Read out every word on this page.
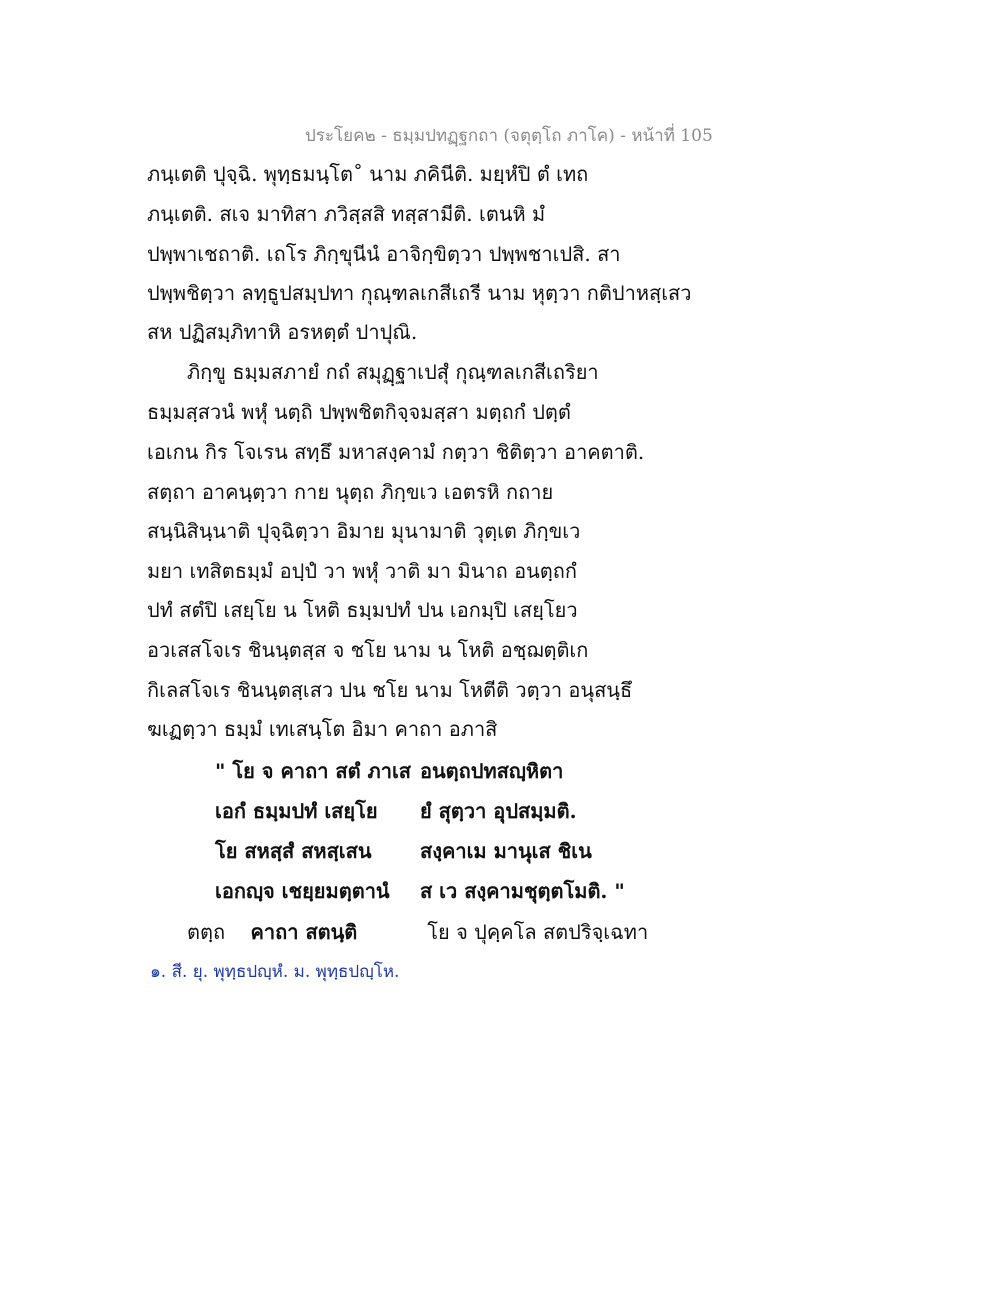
ประโยค๒ - ธมฺมปทฏฺฐกถา (จตุตฺโถ ภาโค) - หน้าที่ 105
ภนฺเตติ ปุจฺฉิ. พุทฺธมนฺโต˚ นาม ภคินีติ. มยฺหํปิ ตํ เทถ
ภนฺเตติ. สเจ มาทิสา ภวิสฺสสิ ทสฺสามีติ. เตนหิ มํ
ปพฺพาเชถาติ. เถโร ภิกฺขุนีนํ อาจิกฺขิตฺวา ปพฺพชาเปสิ. สา
ปพฺพชิตฺวา ลทฺธูปสมฺปทา กุณฺฑลเกสีเถรี นาม หุตฺวา กติปาหสฺเสว
สห ปฏิสมฺภิทาหิ อรหตฺตํ ปาปุณิ.
ภิกฺขู ธมฺมสภายํ กถํ สมุฏฺฐาเปสุํ กุณฺฑลเกสีเถริยา
ธมฺมสฺสวนํ พหุํ นตฺถิ ปพฺพชิตกิจฺจมสฺสา มตฺถกํ ปตฺตํ
เอเกน กิร โจเรน สทฺธึ มหาสงฺคามํ กตฺวา ชิติตฺวา อาคตาติ.
สตฺถา อาคนฺตฺวา กาย นุตฺถ ภิกฺขเว เอตรหิ กถาย
สนฺนิสินฺนาติ ปุจฺฉิตฺวา อิมาย มุนามาติ วุตฺเต ภิกฺขเว
มยา เทสิตธมฺมํ อปฺปํ วา พหุํ วาติ มา มินาถ อนตฺถกํ
ปทํ สตํปิ เสยฺโย น โหติ ธมฺมปทํ ปน เอกมฺปิ เสยฺโยว
อวเสสโจเร ชินนฺตสฺส จ ชโย นาม น โหติ อชฺฌตฺติเก
กิเลสโจเร ชินนฺตสฺเสว ปน ชโย นาม โหตีติ วตฺวา อนุสนฺธึ
ฆเฏตฺวา ธมฺมํ เทเสนฺโต อิมา คาถา อภาสิ
" โย จ คาถา สตํ ภาเส อนตฺถปทสญฺหิตา
เอกํ ธมฺมปทํ เสยฺโย ยํ สุตฺวา อุปสมฺมติ.
โย สหสฺสํ สหสฺเสน สงฺคาเม มานุเส ชิเน
เอกญฺจ เชยฺยมตฺตานํ ส เว สงฺคามชุตฺตโมติ. "
ตตฺถ คาถา สตนฺติ	โย จ ปุคฺคโล สตปริจฺเฉทา
๑. สี. ยุ. พุทฺธปญฺหํ. ม. พุทฺธปญฺโห.
